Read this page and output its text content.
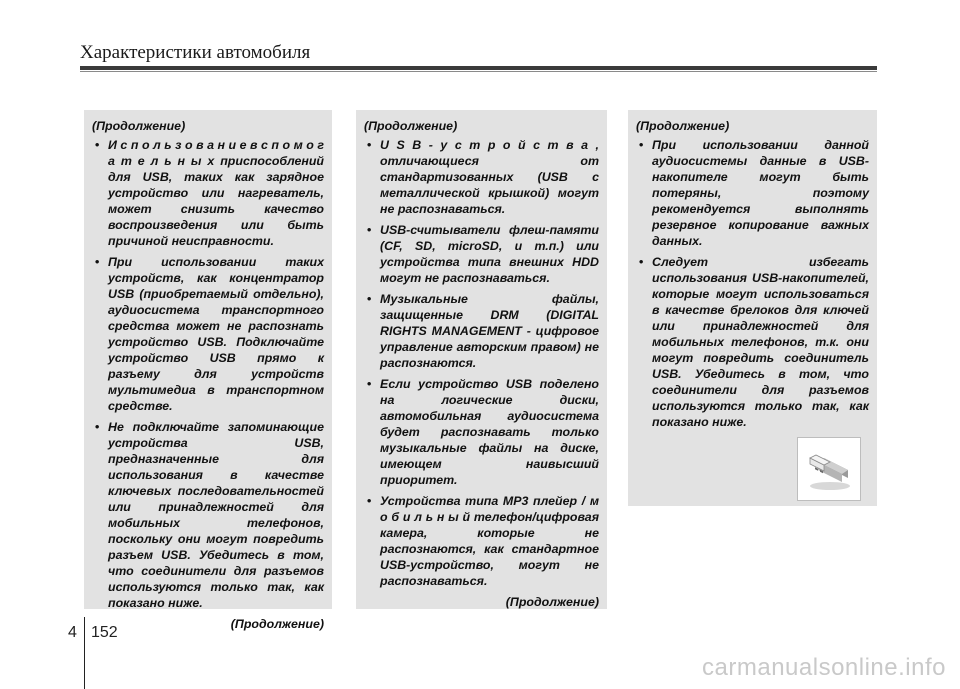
Характеристики автомобиля
(Продолжение)
• И с п о л ь з о в а н и е в с п о м о г а т е л ь н ы х приспособлений для USB, таких как зарядное устройство или нагреватель, может снизить качество воспроизведения или быть причиной неисправности.
• При использовании таких устройств, как концентратор USB (приобретаемый отдельно), аудиосистема транспортного средства может не распознать устройство USB. Подключайте устройство USB прямо к разъему для устройств мультимедиа в транспортном средстве.
• Не подключайте запоминающие устройства USB, предназначенные для использования в качестве ключевых последовательностей или принадлежностей для мобильных телефонов, поскольку они могут повредить разъем USB. Убедитесь в том, что соединители для разъемов используются только так, как показано ниже.
(Продолжение)
(Продолжение)
• U S B - у с т р о й с т в а , отличающиеся от стандартизованных (USB с металлической крышкой) могут не распознаваться.
• USB-считыватели флеш-памяти (CF, SD, microSD, и т.п.) или устройства типа внешних HDD могут не распознаваться.
• Музыкальные файлы, защищенные DRM (DIGITAL RIGHTS MANAGEMENT - цифровое управление авторским правом) не распознаются.
• Если устройство USB поделено на логические диски, автомобильная аудиосистема будет распознавать только музыкальные файлы на диске, имеющем наивысший приоритет.
• Устройства типа MP3 плейер / м о б и л ь н ы й телефон/цифровая камера, которые не распознаются, как стандартное USB-устройство, могут не распознаваться.
(Продолжение)
(Продолжение)
• При использовании данной аудиосистемы данные в USB-накопителе могут быть потеряны, поэтому рекомендуется выполнять резервное копирование важных данных.
• Следует избегать использования USB-накопителей, которые могут использоваться в качестве брелоков для ключей или принадлежностей для мобильных телефонов, т.к. они могут повредить соединитель USB. Убедитесь в том, что соединители для разъемов используются только так, как показано ниже.
4 152
carmanualsonline.info
